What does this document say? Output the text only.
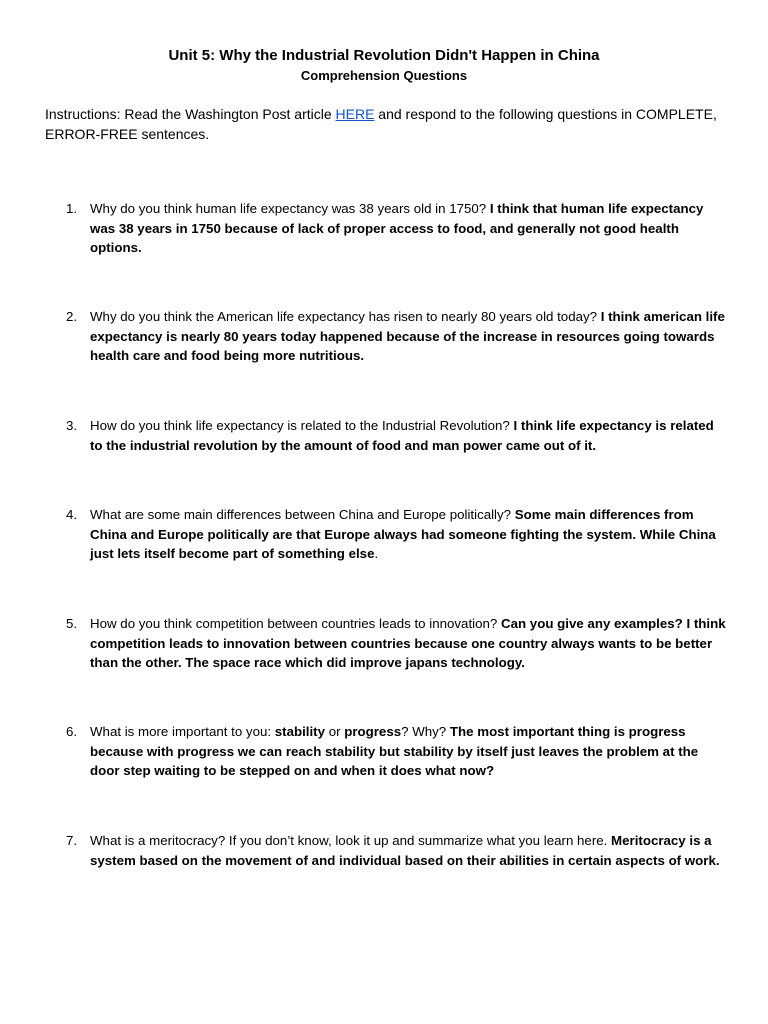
Unit 5: Why the Industrial Revolution Didn't Happen in China
Comprehension Questions
Instructions: Read the Washington Post article HERE and respond to the following questions in COMPLETE, ERROR-FREE sentences.
1. Why do you think human life expectancy was 38 years old in 1750? I think that human life expectancy was 38 years in 1750 because of lack of proper access to food, and generally not good health options.
2. Why do you think the American life expectancy has risen to nearly 80 years old today? I think american life expectancy is nearly 80 years today happened because of the increase in resources going towards health care and food being more nutritious.
3. How do you think life expectancy is related to the Industrial Revolution? I think life expectancy is related to the industrial revolution by the amount of food and man power came out of it.
4. What are some main differences between China and Europe politically? Some main differences from China and Europe politically are that Europe always had someone fighting the system. While China just lets itself become part of something else.
5. How do you think competition between countries leads to innovation? Can you give any examples? I think competition leads to innovation between countries because one country always wants to be better than the other. The space race which did improve japans technology.
6. What is more important to you: stability or progress? Why? The most important thing is progress because with progress we can reach stability but stability by itself just leaves the problem at the door step waiting to be stepped on and when it does what now?
7. What is a meritocracy? If you don’t know, look it up and summarize what you learn here. Meritocracy is a system based on the movement of and individual based on their abilities in certain aspects of work.
